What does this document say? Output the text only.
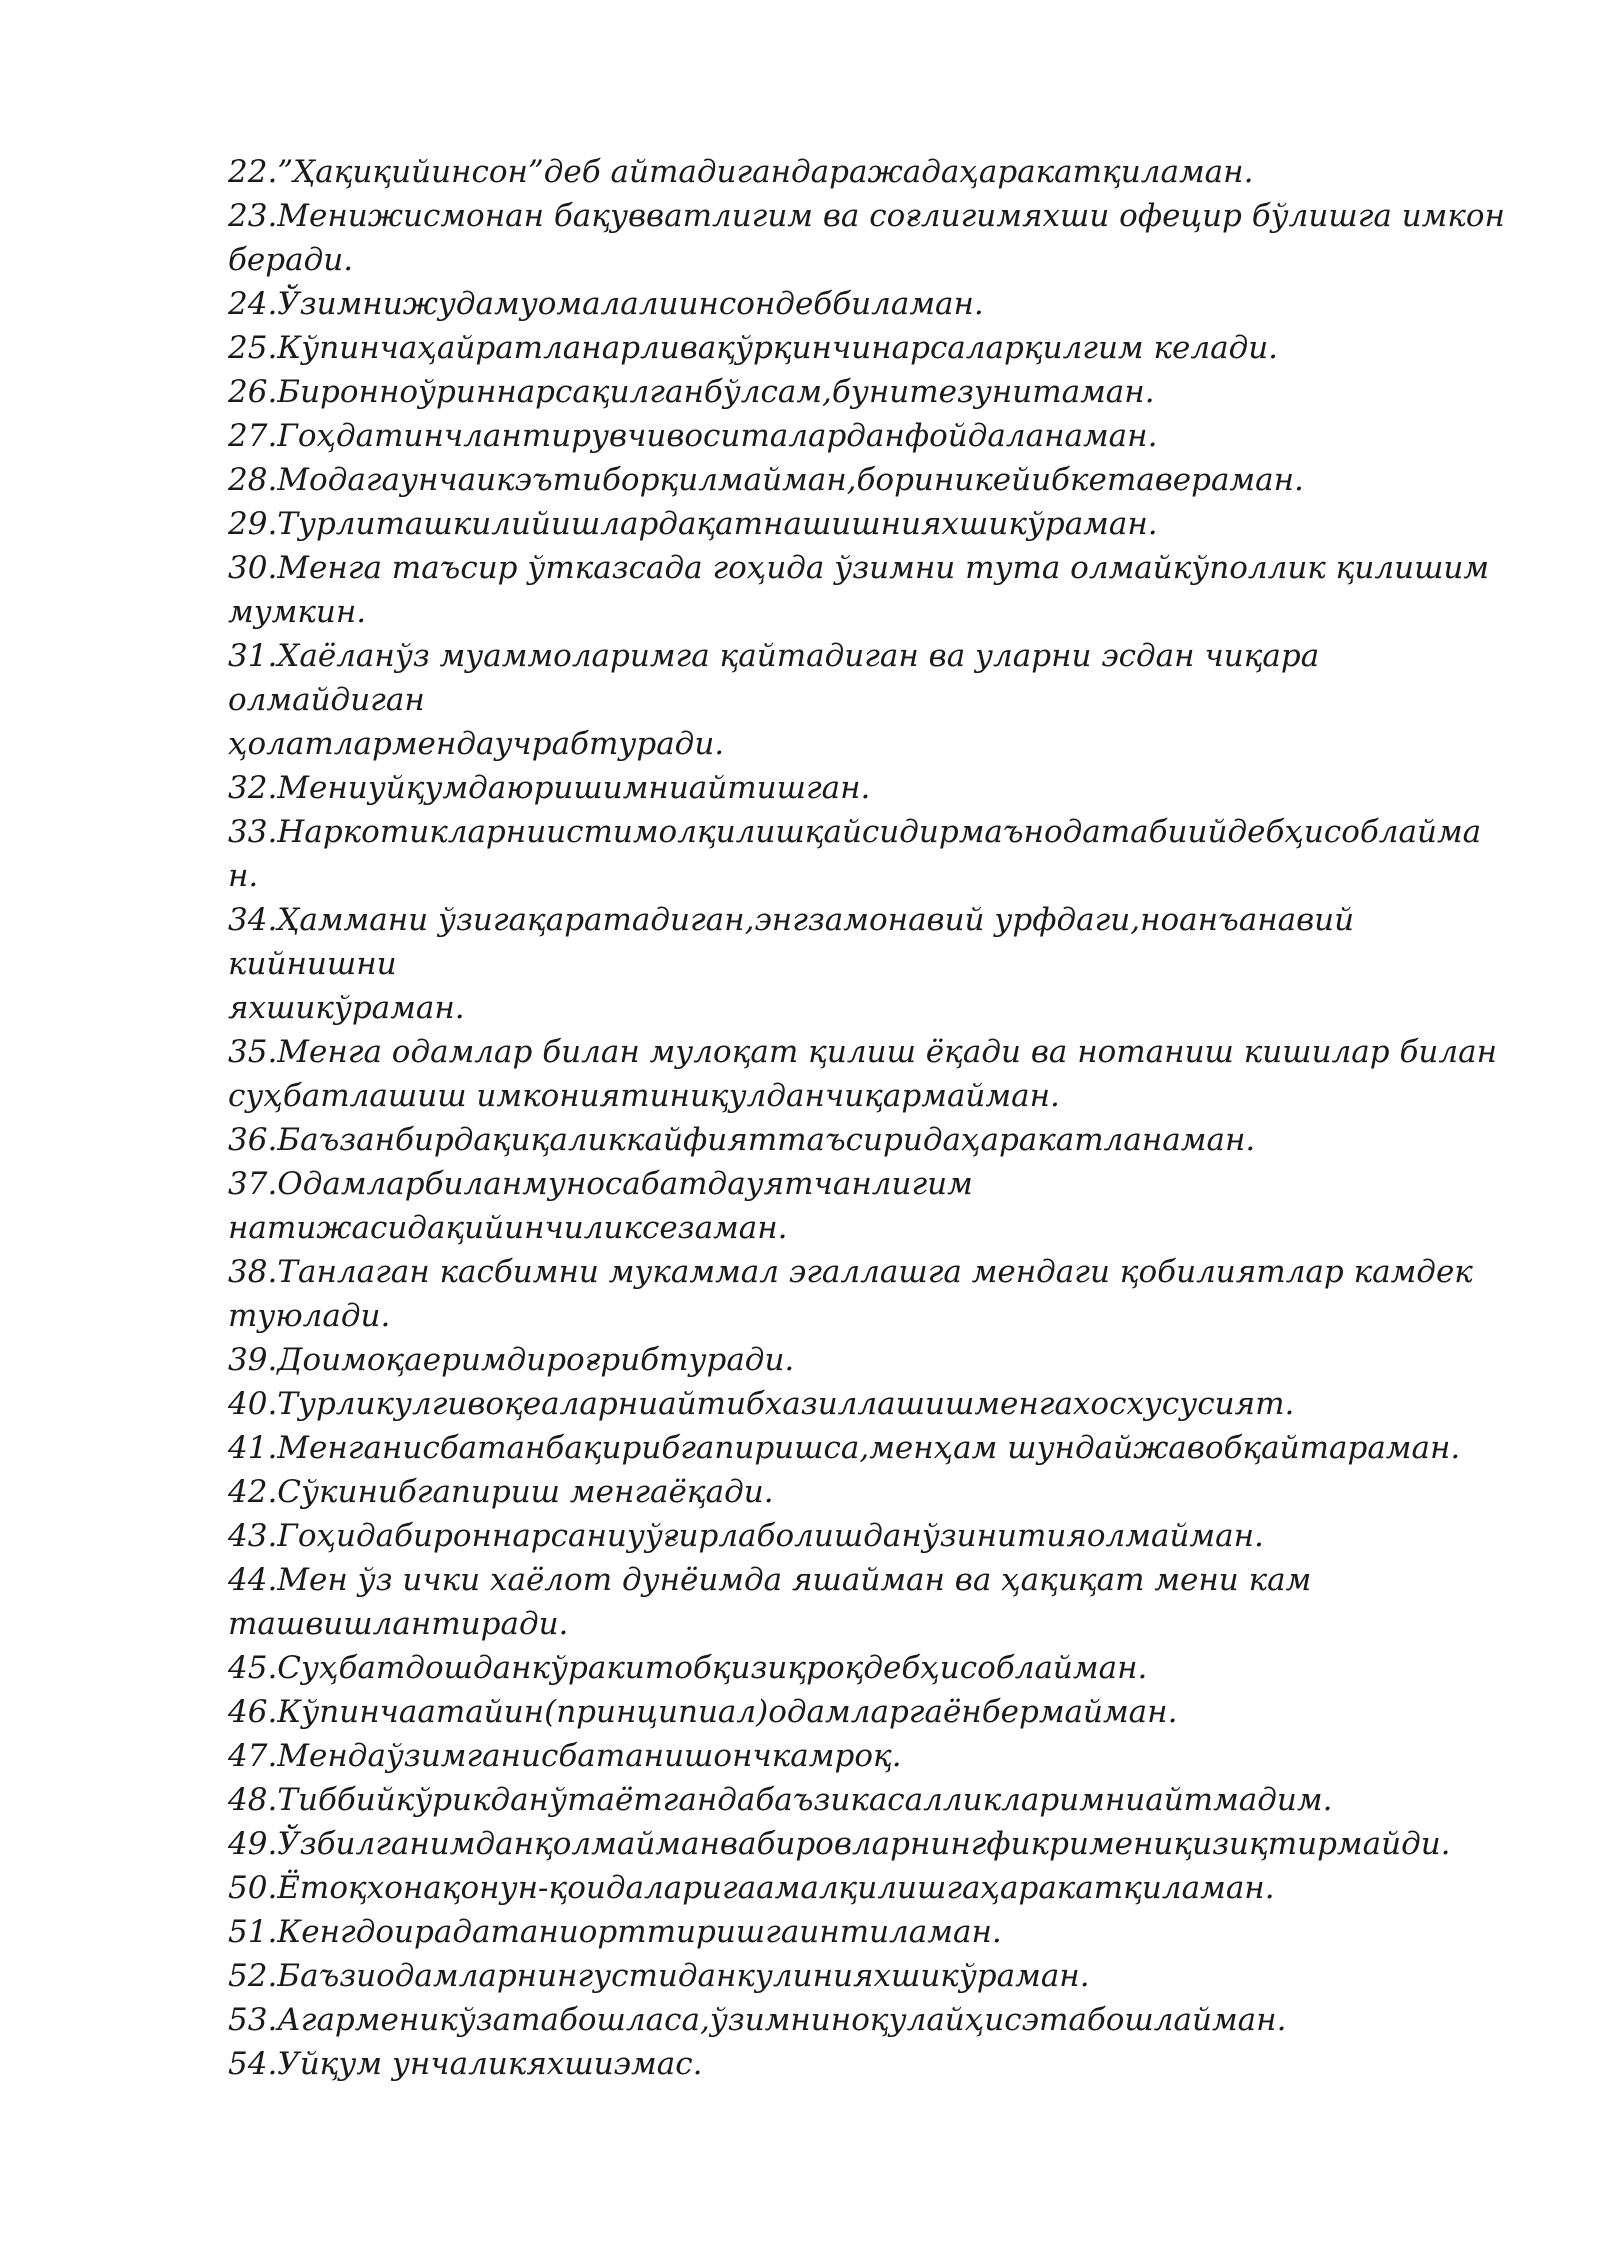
22.”Ҳақиқийинсон”деб айтадигандаражадаҳаракатқиламан.

23.Менижисмонан бақувватлигим ва соғлигимяхши офецир бўлишга имкон

беради.

24.Ўзимнижудамуомалалиинсондеббиламан.

25.Кўпинчаҳайратланарливақўрқинчинарсаларқилгим келади.

26.Биронноўриннарсақилганбўлсам,бунитезунитаман.

27.Гоҳдатинчлантирувчивоситаларданфойдаланаман.

28.Модагаунчаикэътиборқилмайман,бориникейибкетавераман.

29.Турлиташкилийишлардақатнашишнияхшикўраман.

30.Менга таъсир ўтказсада гоҳида ўзимни тута олмайкўполлик қилишим

мумкин.

31.Хаёланўз муаммоларимга қайтадиган ва уларни эсдан чиқара

олмайдиган

ҳолатлармендаучрабтуради.

32.Мениуйқумдаюришимниайтишган.

33.Наркотикларниистимолқилишқайсидирмаънодатабиийдебҳисоблайма

н.

34.Ҳаммани ўзигақаратадиган,энгзамонавий урфдаги,ноанъанавий

кийнишни

яхшикўраман.

35.Менга одамлар билан мулоқат қилиш ёқади ва нотаниш кишилар билан

суҳбатлашиш имкониятиниқулданчиқармайман.

36.Баъзанбирдақиқаликкайфияттаъсиридаҳаракатланаман.

37.Одамларбиланмуносабатдауятчанлигим

натижасидақийинчиликсезаман.

38.Танлаган касбимни мукаммал эгаллашга мендаги қобилиятлар камдек

туюлади.

39.Доимоқаеримдироғрибтуради.

40.Турликулгивоқеаларниайтибхазиллашишменгахосхусусият.

41.Менганисбатанбақирибгапиришса,менҳам шундайжавобқайтараман.

42.Сўкинибгапириш менгаёқади.

43.Гоҳидабироннарсаниуўғирлаболишданўзинитияолмайман.

44.Мен ўз ички хаёлот дунёимда яшайман ва ҳақиқат мени кам

ташвишлантиради.

45.Суҳбатдошданкўракитобқизиқроқдебҳисоблайман.

46.Кўпинчаатайин(принципиал)одамларгаёнбермайман.

47.Мендаўзимганисбатанишончкамроқ.

48.Тиббийкўрикданўтаётгандабаъзикасалликларимниайтмадим.

49.Ўзбилганимданқолмайманвабировларнингфикримениқизиқтирмайди.

50.Ётоқхонақонун-қоидаларигаамалқилишгаҳаракатқиламан.

51.Кенгдоирадатаниорттиришгаинтиламан.

52.Баъзиодамларнингустиданкулинияхшикўраман.

53.Агарменикўзатабошласа,ўзимниноқулайҳисэтабошлайман.

54.Уйқум унчаликяхшиэмас.
